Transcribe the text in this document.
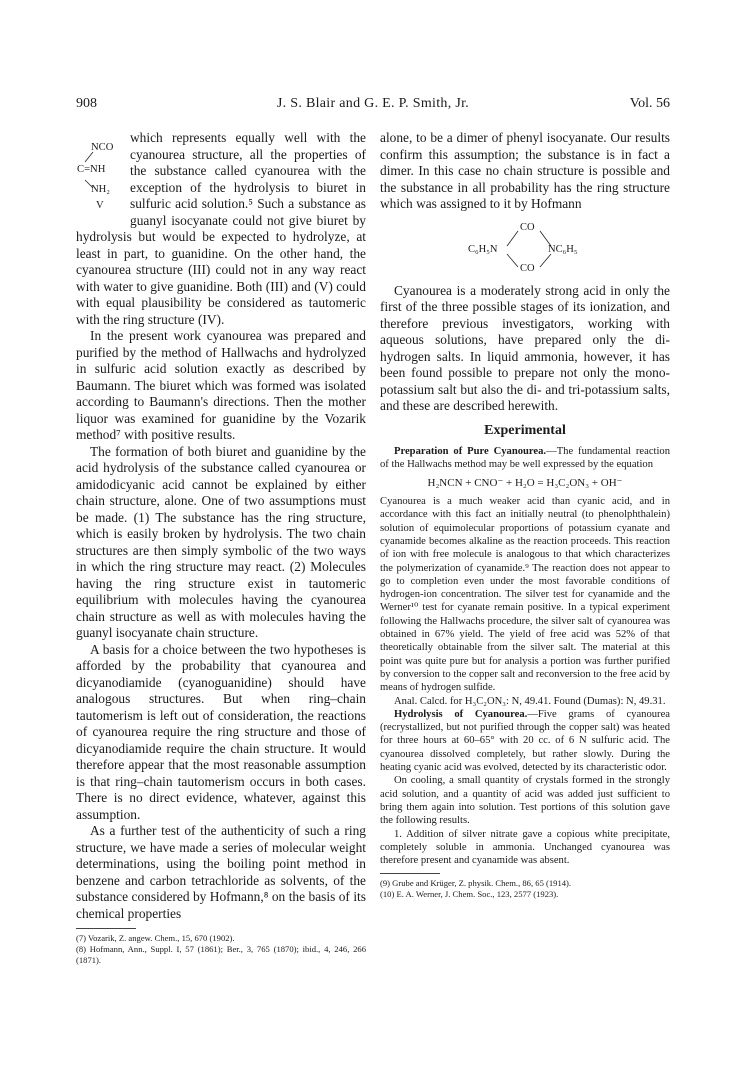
908	J. S. Blair and G. E. P. Smith, Jr.	Vol. 56

NCO
C=NH
NH₂
V
which represents equally well with the cyanourea structure, all the properties of the substance called cyanourea with the exception of the hydrolysis to biuret in sulfuric acid solution.⁵ Such a substance as guanyl isocyanate could not give biuret by hydrolysis but would be expected to hydrolyze, at least in part, to guanidine. On the other hand, the cyanourea structure (III) could not in any way react with water to give guanidine. Both (III) and (V) could with equal plausibility be considered as tautomeric with the ring structure (IV).

In the present work cyanourea was prepared and purified by the method of Hallwachs and hydrolyzed in sulfuric acid solution exactly as described by Baumann. The biuret which was formed was isolated according to Baumann's directions. Then the mother liquor was examined for guanidine by the Vozarik method⁷ with positive results.

The formation of both biuret and guanidine by the acid hydrolysis of the substance called cyanourea or amidodicyanic acid cannot be explained by either chain structure, alone. One of two assumptions must be made. (1) The substance has the ring structure, which is easily broken by hydrolysis. The two chain structures are then simply symbolic of the two ways in which the ring structure may react. (2) Molecules having the ring structure exist in tautomeric equilibrium with molecules having the cyanourea chain structure as well as with molecules having the guanyl isocyanate chain structure.

A basis for a choice between the two hypotheses is afforded by the probability that cyanourea and dicyanodiamide (cyanoguanidine) should have analogous structures. But when ring–chain tautomerism is left out of consideration, the reactions of cyanourea require the ring structure and those of dicyanodiamide require the chain structure. It would therefore appear that the most reasonable assumption is that ring–chain tautomerism occurs in both cases. There is no direct evidence, whatever, against this assumption.

As a further test of the authenticity of such a ring structure, we have made a series of molecular weight determinations, using the boiling point method in benzene and carbon tetrachloride as solvents, of the substance considered by Hofmann,⁸ on the basis of its chemical properties

(7) Vozarik, Z. angew. Chem., 15, 670 (1902).

(8) Hofmann, Ann., Suppl. I, 57 (1861); Ber., 3, 765 (1870); ibid., 4, 246, 266 (1871).

alone, to be a dimer of phenyl isocyanate. Our results confirm this assumption; the substance is in fact a dimer. In this case no chain structure is possible and the substance in all probability has the ring structure which was assigned to it by Hofmann

CO
C₆H₅N	NC₆H₅
CO

Cyanourea is a moderately strong acid in only the first of the three possible stages of its ionization, and therefore previous investigators, working with aqueous solutions, have prepared only the di-hydrogen salts. In liquid ammonia, however, it has been found possible to prepare not only the mono-potassium salt but also the di- and tri-potassium salts, and these are described herewith.

Experimental

Preparation of Pure Cyanourea.—The fundamental reaction of the Hallwachs method may be well expressed by the equation

H₂NCN + CNO⁻ + H₂O = H₃C₂ON₃ + OH⁻

Cyanourea is a much weaker acid than cyanic acid, and in accordance with this fact an initially neutral (to phenolphthalein) solution of equimolecular proportions of potassium cyanate and cyanamide becomes alkaline as the reaction proceeds. This reaction of ion with free molecule is analogous to that which characterizes the polymerization of cyanamide.⁹ The reaction does not appear to go to completion even under the most favorable conditions of hydrogen-ion concentration. The silver test for cyanamide and the Werner¹⁰ test for cyanate remain positive. In a typical experiment following the Hallwachs procedure, the silver salt of cyanourea was obtained in 67% yield. The yield of free acid was 52% of that theoretically obtainable from the silver salt. The material at this point was quite pure but for analysis a portion was further purified by conversion to the copper salt and reconversion to the free acid by means of hydrogen sulfide.

Anal. Calcd. for H₃C₂ON₃: N, 49.41. Found (Dumas): N, 49.31.

Hydrolysis of Cyanourea.—Five grams of cyanourea (recrystallized, but not purified through the copper salt) was heated for three hours at 60–65° with 20 cc. of 6 N sulfuric acid. The cyanourea dissolved completely, but rather slowly. During the heating cyanic acid was evolved, detected by its characteristic odor.

On cooling, a small quantity of crystals formed in the strongly acid solution, and a quantity of acid was added just sufficient to bring them again into solution. Test portions of this solution gave the following results.

1. Addition of silver nitrate gave a copious white precipitate, completely soluble in ammonia. Unchanged cyanourea was therefore present and cyanamide was absent.

(9) Grube and Krüger, Z. physik. Chem., 86, 65 (1914).

(10) E. A. Werner, J. Chem. Soc., 123, 2577 (1923).
